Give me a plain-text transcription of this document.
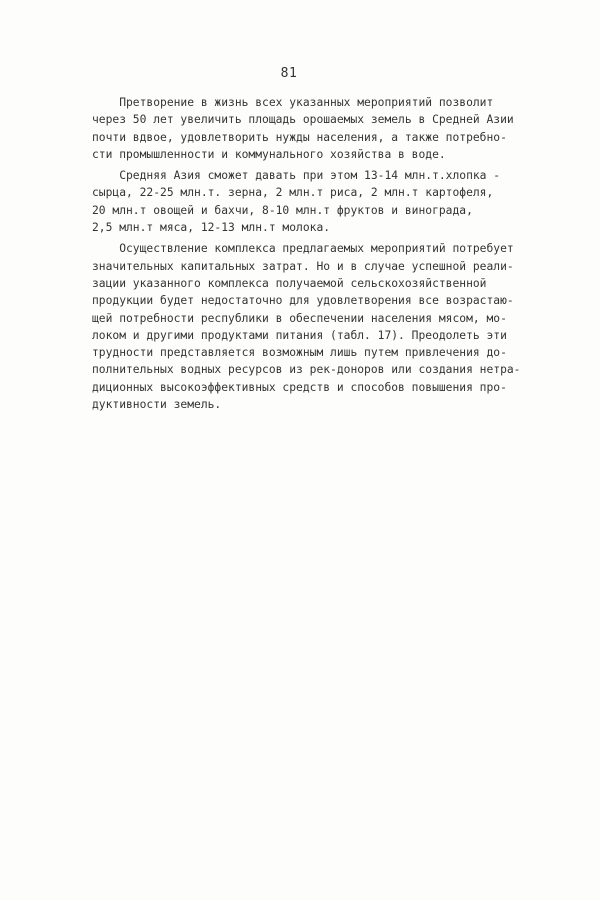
81
Претворение в жизнь всех указанных мероприятий позволит
через 50 лет увеличить площадь орошаемых земель в Средней Азии
почти вдвое, удовлетворить нужды населения, а также потребно-
сти промышленности и коммунального хозяйства в воде.
Средняя Азия сможет давать при этом 13-14 млн.т.хлопка -
сырца, 22-25 млн.т. зерна, 2 млн.т риса, 2 млн.т картофеля,
20 млн.т овощей и бахчи, 8-10 млн.т фруктов и винограда,
2,5 млн.т мяса, 12-13 млн.т молока.
Осуществление комплекса предлагаемых мероприятий потребует
значительных капитальных затрат. Но и в случае успешной реали-
зации указанного комплекса получаемой сельскохозяйственной
продукции будет недостаточно для удовлетворения все возрастаю-
щей потребности республики в обеспечении населения мясом, мо-
локом и другими продуктами питания (табл. 17). Преодолеть эти
трудности представляется возможным лишь путем привлечения до-
полнительных водных ресурсов из рек-доноров или создания нетра-
диционных высокоэффективных средств и способов повышения про-
дуктивности земель.
